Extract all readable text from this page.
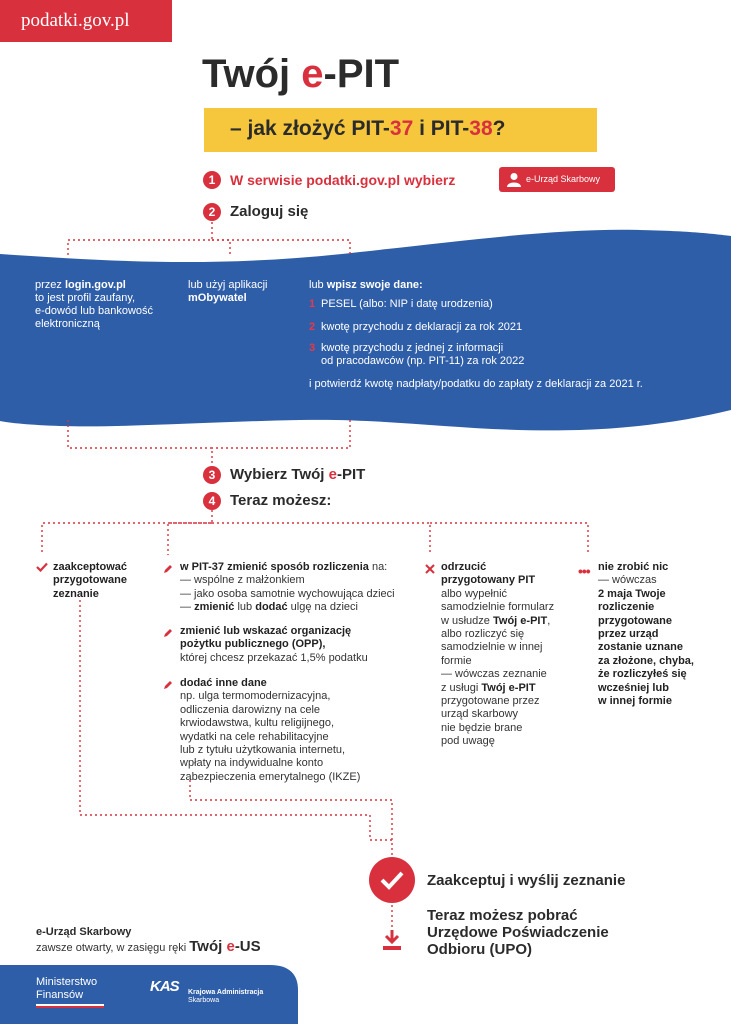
podatki.gov.pl
Twój e-PIT
– jak złożyć PIT-37 i PIT-38?
1	W serwisie podatki.gov.pl wybierz	e-Urząd Skarbowy
2 Zaloguj się
przez login.gov.pl
to jest profil zaufany,
e-dowód lub bankowość
elektroniczną
lub użyj aplikacji
mObywatel
lub wpisz swoje dane:
1 PESEL (albo: NIP i datę urodzenia)
2 kwotę przychodu z deklaracji za rok 2021
3 kwotę przychodu z jednej z informacji
od pracodawców (np. PIT-11) za rok 2022
i potwierdź kwotę nadpłaty/podatku do zapłaty z deklaracji za 2021 r.
3 Wybierz Twój e-PIT
4 Teraz możesz:
zaakceptować
przygotowane
zeznanie
w PIT-37 zmienić sposób rozliczenia na:
— wspólne z małżonkiem
— jako osoba samotnie wychowująca dzieci
— zmienić lub dodać ulgę na dzieci
zmienić lub wskazać organizację
pożytku publicznego (OPP),
której chcesz przekazać 1,5% podatku
dodać inne dane
np. ulga termomodernizacyjna,
odliczenia darowizny na cele
krwiodawstwa, kultu religijnego,
wydatki na cele rehabilitacyjne
lub z tytułu użytkowania internetu,
wpłaty na indywidualne konto
zabezpieczenia emerytalnego (IKZE)
odrzucić
przygotowany PIT
albo wypełnić
samodzielnie formularz
w usłudze Twój e-PIT,
albo rozliczyć się
samodzielnie w innej
formie
— wówczas zeznanie
z usługi Twój e-PIT
przygotowane przez
urząd skarbowy
nie będzie brane
pod uwagę
••• nie zrobić nic
— wówczas
2 maja Twoje
rozliczenie
przygotowane
przez urząd
zostanie uznane
za złożone, chyba,
że rozliczyłeś się
wcześniej lub
w innej formie
Zaakceptuj i wyślij zeznanie
Teraz możesz pobrać
Urzędowe Poświadczenie
Odbioru (UPO)
e-Urząd Skarbowy
zawsze otwarty, w zasięgu ręki Twój e-US
Ministerstwo
Finansów	KAS Krajowa Administracja
Skarbowa
